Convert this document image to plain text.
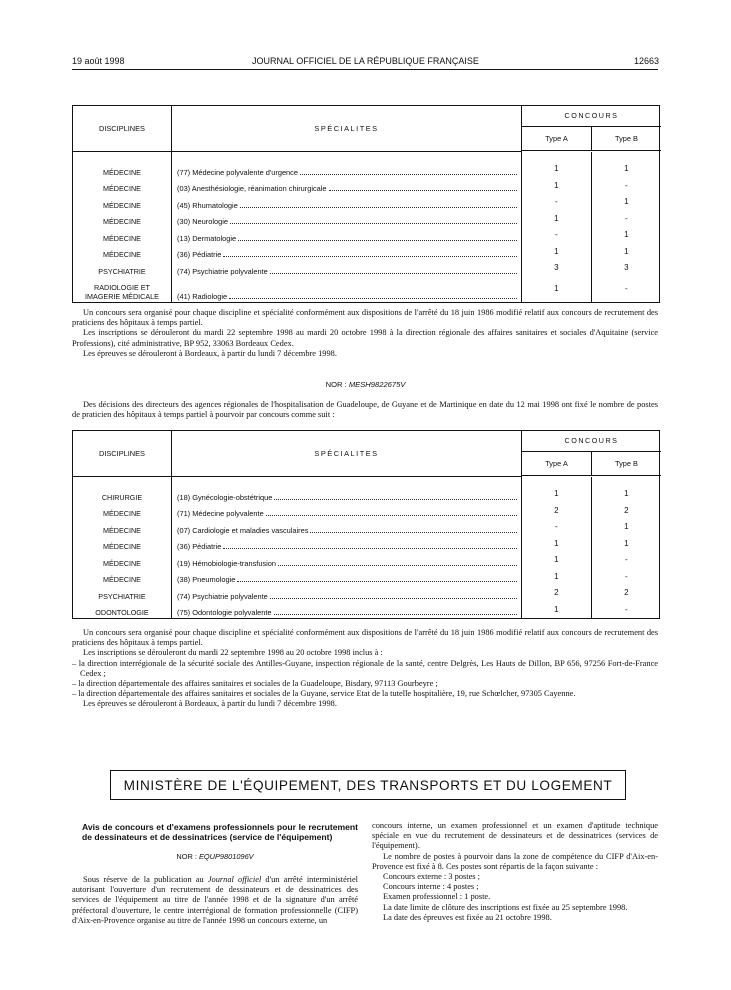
19 août 1998	JOURNAL OFFICIEL DE LA RÉPUBLIQUE FRANÇAISE	12663
DISCIPLINES	SPÉCIALITES	CONCOURS
Type A Type B	

MÉDECINE	(77) Médecine polyvalente d'urgence	1	1
MÉDECINE	(03) Anesthésiologie, réanimation chirurgicale	1	-
MÉDECINE	(45) Rhumatologie	-	1
MÉDECINE	(30) Neurologie	1	-
MÉDECINE	(13) Dermatologie	-	1
MÉDECINE	(36) Pédiatrie	1	1
PSYCHIATRIE	(74) Psychiatrie polyvalente	3	3

RADIOLOGIE ET
IMAGERIE MÉDICALE	(41) Radiologie	1	-

Un concours sera organisé pour chaque discipline et spécialité conformément aux dispositions de l'arrêté du 18 juin 1986 modifié relatif aux concours de recrutement des praticiens des hôpitaux à temps partiel.

Les inscriptions se dérouleront du mardi 22 septembre 1998 au mardi 20 octobre 1998 à la direction régionale des affaires sanitaires et sociales d'Aquitaine (service Professions), cité administrative, BP 952, 33063 Bordeaux Cedex.

Les épreuves se dérouleront à Bordeaux, à partir du lundi 7 décembre 1998.

NOR : MESH9822675V

Des décisions des directeurs des agences régionales de l'hospitalisation de Guadeloupe, de Guyane et de Martinique en date du 12 mai 1998 ont fixé le nombre de postes de praticien des hôpitaux à temps partiel à pourvoir par concours comme suit :

DISCIPLINES	SPÉCIALITES	CONCOURS
Type A Type B	

CHIRURGIE	(18) Gynécologie-obstétrique	1	1
MÉDECINE	(71) Médecine polyvalente	2	2
MÉDECINE	(07) Cardiologie et maladies vasculaires	-	1
MÉDECINE	(36) Pédiatrie	1	1
MÉDECINE	(19) Hémobiologie-transfusion	1	-
MÉDECINE	(38) Pneumologie	1	-
PSYCHIATRIE	(74) Psychiatrie polyvalente	2	2
ODONTOLOGIE	(75) Odontologie polyvalente	1	-

Un concours sera organisé pour chaque discipline et spécialité conformément aux dispositions de l'arrêté du 18 juin 1986 modifié relatif aux concours de recrutement des praticiens des hôpitaux à temps partiel.

Les inscriptions se dérouleront du mardi 22 septembre 1998 au 20 octobre 1998 inclus à :

– la direction interrégionale de la sécurité sociale des Antilles-Guyane, inspection régionale de la santé, centre Delgrès, Les Hauts de Dillon, BP 656, 97256 Fort-de-France Cedex ;

– la direction départementale des affaires sanitaires et sociales de la Guadeloupe, Bisdary, 97113 Gourbeyre ;

– la direction départementale des affaires sanitaires et sociales de la Guyane, service Etat de la tutelle hospitalière, 19, rue Schœlcher, 97305 Cayenne.

Les épreuves se dérouleront à Bordeaux, à partir du lundi 7 décembre 1998.

MINISTÈRE DE L'ÉQUIPEMENT, DES TRANSPORTS ET DU LOGEMENT

Avis de concours et d'examens professionnels pour le recrutement de dessinateurs et de dessinatrices (service de l'équipement)

NOR : EQUP9801096V

Sous réserve de la publication au Journal officiel d'un arrêté interministériel autorisant l'ouverture d'un recrutement de dessinateurs et de dessinatrices des services de l'équipement au titre de l'année 1998 et de la signature d'un arrêté préfectoral d'ouverture, le centre interrégional de formation professionnelle (CIFP) d'Aix-en-Provence organise au titre de l'année 1998 un concours externe, un

concours interne, un examen professionnel et un examen d'aptitude technique spéciale en vue du recrutement de dessinateurs et de dessinatrices (services de l'équipement).

Le nombre de postes à pourvoir dans la zone de compétence du CIFP d'Aix-en-Provence est fixé à 8. Ces postes sont répartis de la façon suivante :

Concours externe : 3 postes ;

Concours interne : 4 postes ;

Examen professionnel : 1 poste.

La date limite de clôture des inscriptions est fixée au 25 septembre 1998.

La date des épreuves est fixée au 21 octobre 1998.
